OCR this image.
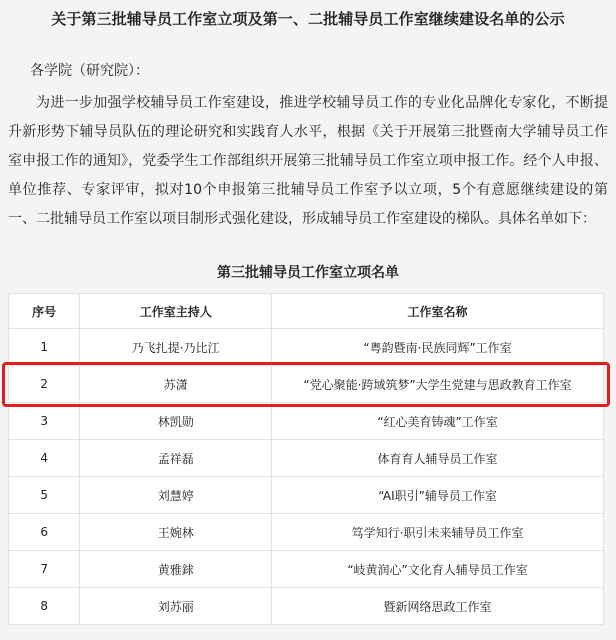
关于第三批辅导员工作室立项及第一、二批辅导员工作室继续建设名单的公示
各学院（研究院）：
为进一步加强学校辅导员工作室建设，推进学校辅导员工作的专业化品牌化专家化，不断提升新形势下辅导员队伍的理论研究和实践育人水平，根据《关于开展第三批暨南大学辅导员工作室申报工作的通知》，党委学生工作部组织开展第三批辅导员工作室立项申报工作。经个人申报、单位推荐、专家评审，拟对10个申报第三批辅导员工作室予以立项，5个有意愿继续建设的第一、二批辅导员工作室以项目制形式强化建设，形成辅导员工作室建设的梯队。具体名单如下：
第三批辅导员工作室立项名单
序号	工作室主持人	工作室名称
1	乃飞扎提·乃比江	“粤韵暨南·民族同辉”工作室
2	苏潇	“党心聚能·跨域筑梦”大学生党建与思政教育工作室
3	林凯勋	“红心美育铸魂”工作室
4	孟祥磊	体育育人辅导员工作室
5	刘慧婷	“AI职引”辅导员工作室
6	王婉林	笃学知行·职引未来辅导员工作室
7	黄雅銶	“岐黄润心”文化育人辅导员工作室
8	刘苏丽	暨新网络思政工作室
